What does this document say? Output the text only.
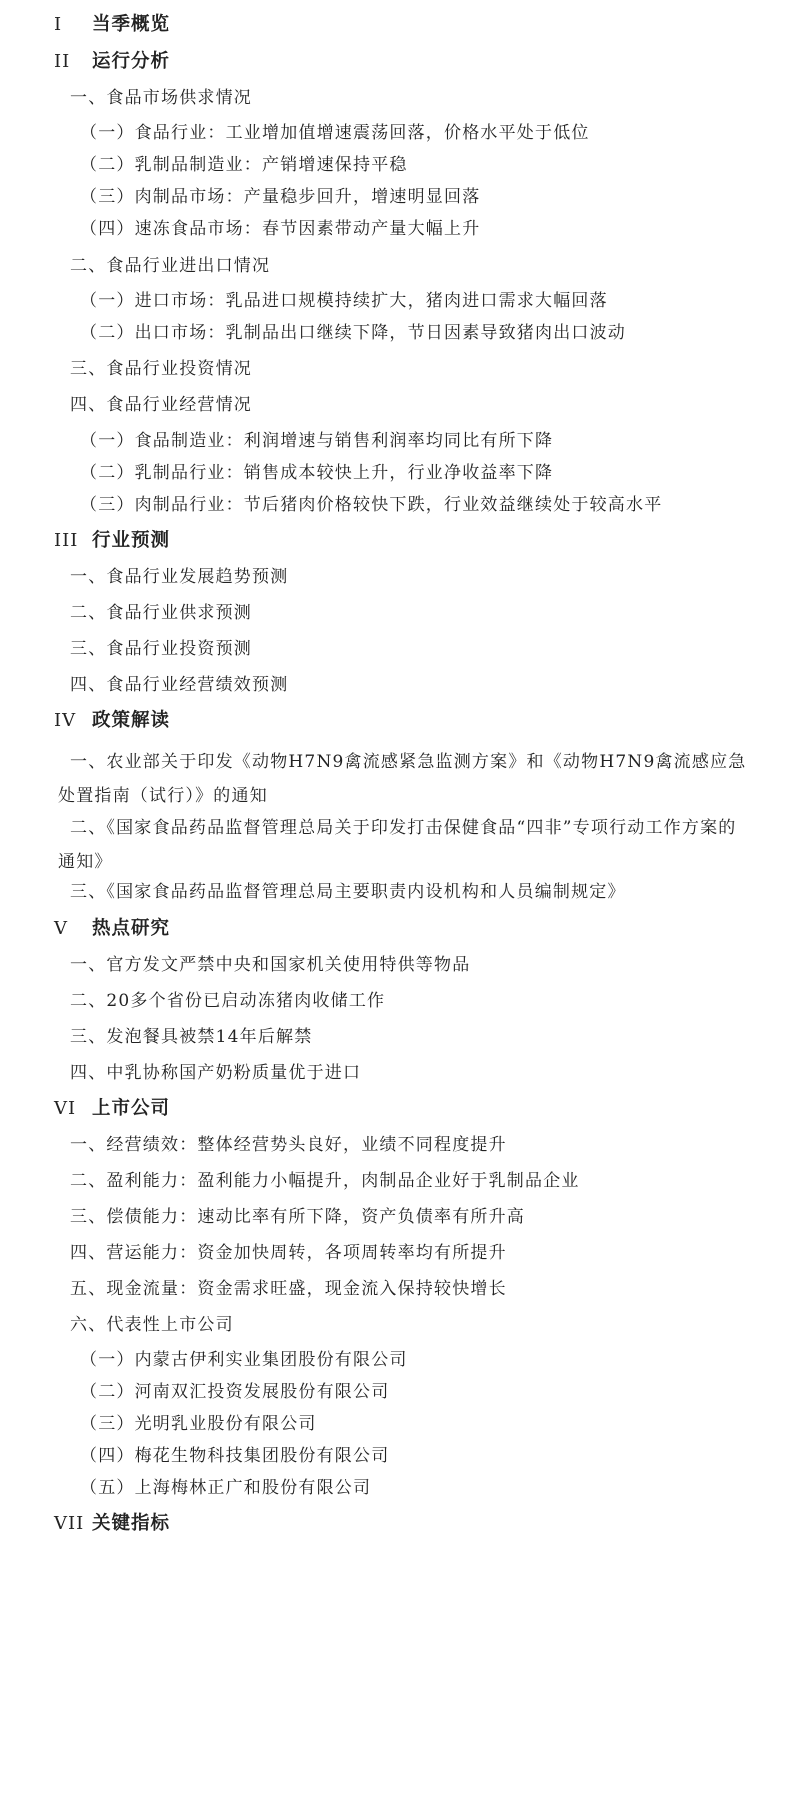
I 当季概览
II 运行分析
一、食品市场供求情况
（一）食品行业：工业增加值增速震荡回落，价格水平处于低位
（二）乳制品制造业：产销增速保持平稳
（三）肉制品市场：产量稳步回升，增速明显回落
（四）速冻食品市场：春节因素带动产量大幅上升
二、食品行业进出口情况
（一）进口市场：乳品进口规模持续扩大，猪肉进口需求大幅回落
（二）出口市场：乳制品出口继续下降，节日因素导致猪肉出口波动
三、食品行业投资情况
四、食品行业经营情况
（一）食品制造业：利润增速与销售利润率均同比有所下降
（二）乳制品行业：销售成本较快上升，行业净收益率下降
（三）肉制品行业：节后猪肉价格较快下跌，行业效益继续处于较高水平
III 行业预测
一、食品行业发展趋势预测
二、食品行业供求预测
三、食品行业投资预测
四、食品行业经营绩效预测
IV 政策解读
一、农业部关于印发《动物H7N9禽流感紧急监测方案》和《动物H7N9禽流感应急处置指南（试行）》的通知
二、《国家食品药品监督管理总局关于印发打击保健食品“四非”专项行动工作方案的通知》
三、《国家食品药品监督管理总局主要职责内设机构和人员编制规定》
V 热点研究
一、官方发文严禁中央和国家机关使用特供等物品
二、20多个省份已启动冻猪肉收储工作
三、发泡餐具被禁14年后解禁
四、中乳协称国产奶粉质量优于进口
VI 上市公司
一、经营绩效：整体经营势头良好，业绩不同程度提升
二、盈利能力：盈利能力小幅提升，肉制品企业好于乳制品企业
三、偿债能力：速动比率有所下降，资产负债率有所升高
四、营运能力：资金加快周转，各项周转率均有所提升
五、现金流量：资金需求旺盛，现金流入保持较快增长
六、代表性上市公司
（一）内蒙古伊利实业集团股份有限公司
（二）河南双汇投资发展股份有限公司
（三）光明乳业股份有限公司
（四）梅花生物科技集团股份有限公司
（五）上海梅林正广和股份有限公司
VII 关键指标
